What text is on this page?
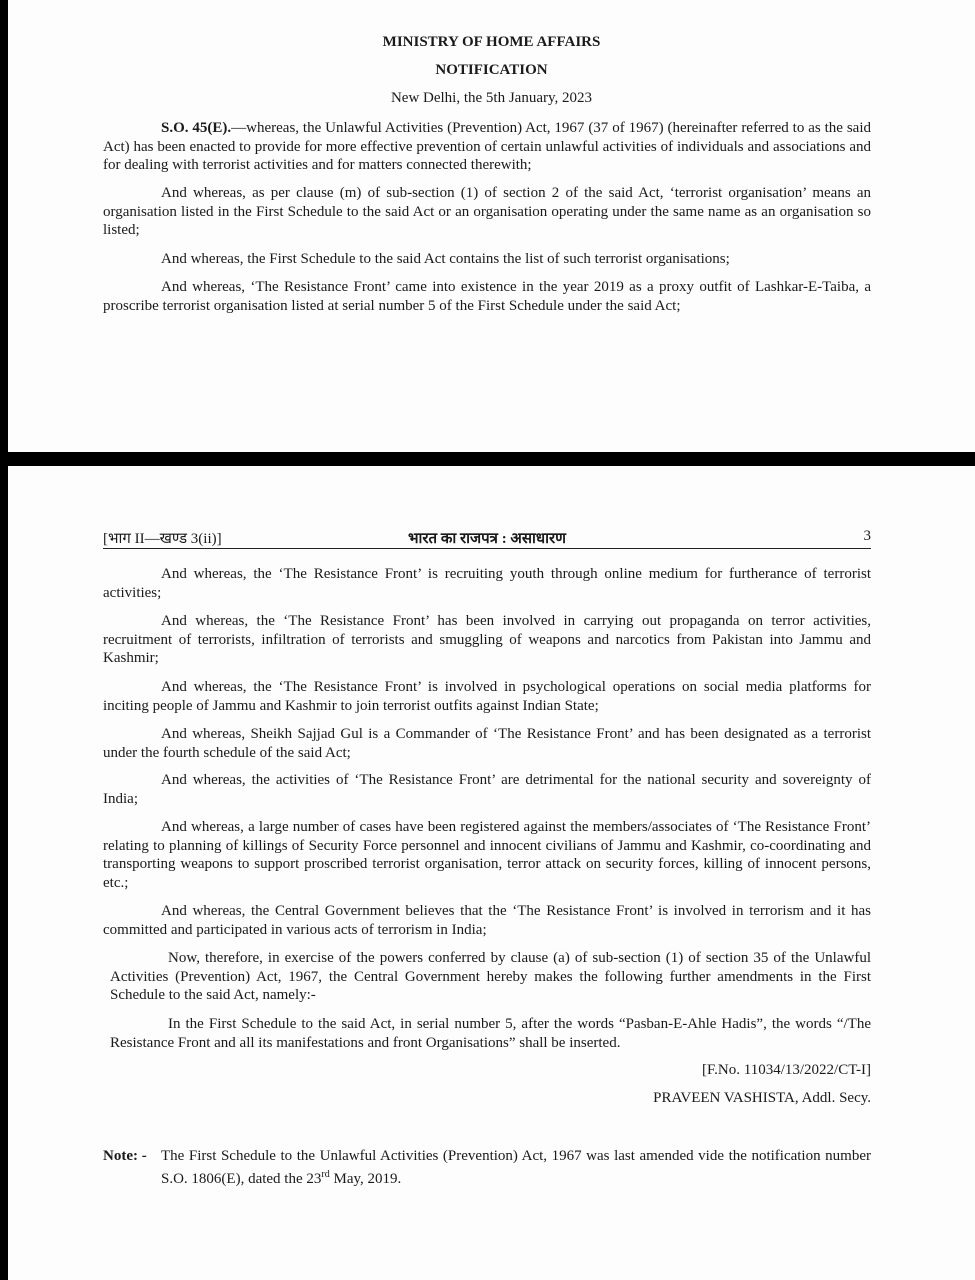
MINISTRY OF HOME AFFAIRS
NOTIFICATION
New Delhi, the 5th January, 2023

S.O. 45(E).—whereas, the Unlawful Activities (Prevention) Act, 1967 (37 of 1967) (hereinafter referred to as the said Act) has been enacted to provide for more effective prevention of certain unlawful activities of individuals and associations and for dealing with terrorist activities and for matters connected therewith;

And whereas, as per clause (m) of sub-section (1) of section 2 of the said Act, ‘terrorist organisation’ means an organisation listed in the First Schedule to the said Act or an organisation operating under the same name as an organisation so listed;

And whereas, the First Schedule to the said Act contains the list of such terrorist organisations;

And whereas, ‘The Resistance Front’ came into existence in the year 2019 as a proxy outfit of Lashkar-E-Taiba, a proscribe terrorist organisation listed at serial number 5 of the First Schedule under the said Act;

[भाग II—खण्ड 3(ii)]	भारत का राजपत्र : असाधारण	3

And whereas, the ‘The Resistance Front’ is recruiting youth through online medium for furtherance of terrorist activities;

And whereas, the ‘The Resistance Front’ has been involved in carrying out propaganda on terror activities, recruitment of terrorists, infiltration of terrorists and smuggling of weapons and narcotics from Pakistan into Jammu and Kashmir;

And whereas, the ‘The Resistance Front’ is involved in psychological operations on social media platforms for inciting people of Jammu and Kashmir to join terrorist outfits against Indian State;

And whereas, Sheikh Sajjad Gul is a Commander of ‘The Resistance Front’ and has been designated as a terrorist under the fourth schedule of the said Act;

And whereas, the activities of ‘The Resistance Front’ are detrimental for the national security and sovereignty of India;

And whereas, a large number of cases have been registered against the members/associates of ‘The Resistance Front’ relating to planning of killings of Security Force personnel and innocent civilians of Jammu and Kashmir, co-coordinating and transporting weapons to support proscribed terrorist organisation, terror attack on security forces, killing of innocent persons, etc.;

And whereas, the Central Government believes that the ‘The Resistance Front’ is involved in terrorism and it has committed and participated in various acts of terrorism in India;

Now, therefore, in exercise of the powers conferred by clause (a) of sub-section (1) of section 35 of the Unlawful Activities (Prevention) Act, 1967, the Central Government hereby makes the following further amendments in the First Schedule to the said Act, namely:-

In the First Schedule to the said Act, in serial number 5, after the words “Pasban-E-Ahle Hadis”, the words “/The Resistance Front and all its manifestations and front Organisations” shall be inserted.

[F.No. 11034/13/2022/CT-I]
PRAVEEN VASHISTA, Addl. Secy.
Note: - The First Schedule to the Unlawful Activities (Prevention) Act, 1967 was last amended vide the notification number S.O. 1806(E), dated the 23rd May, 2019.
